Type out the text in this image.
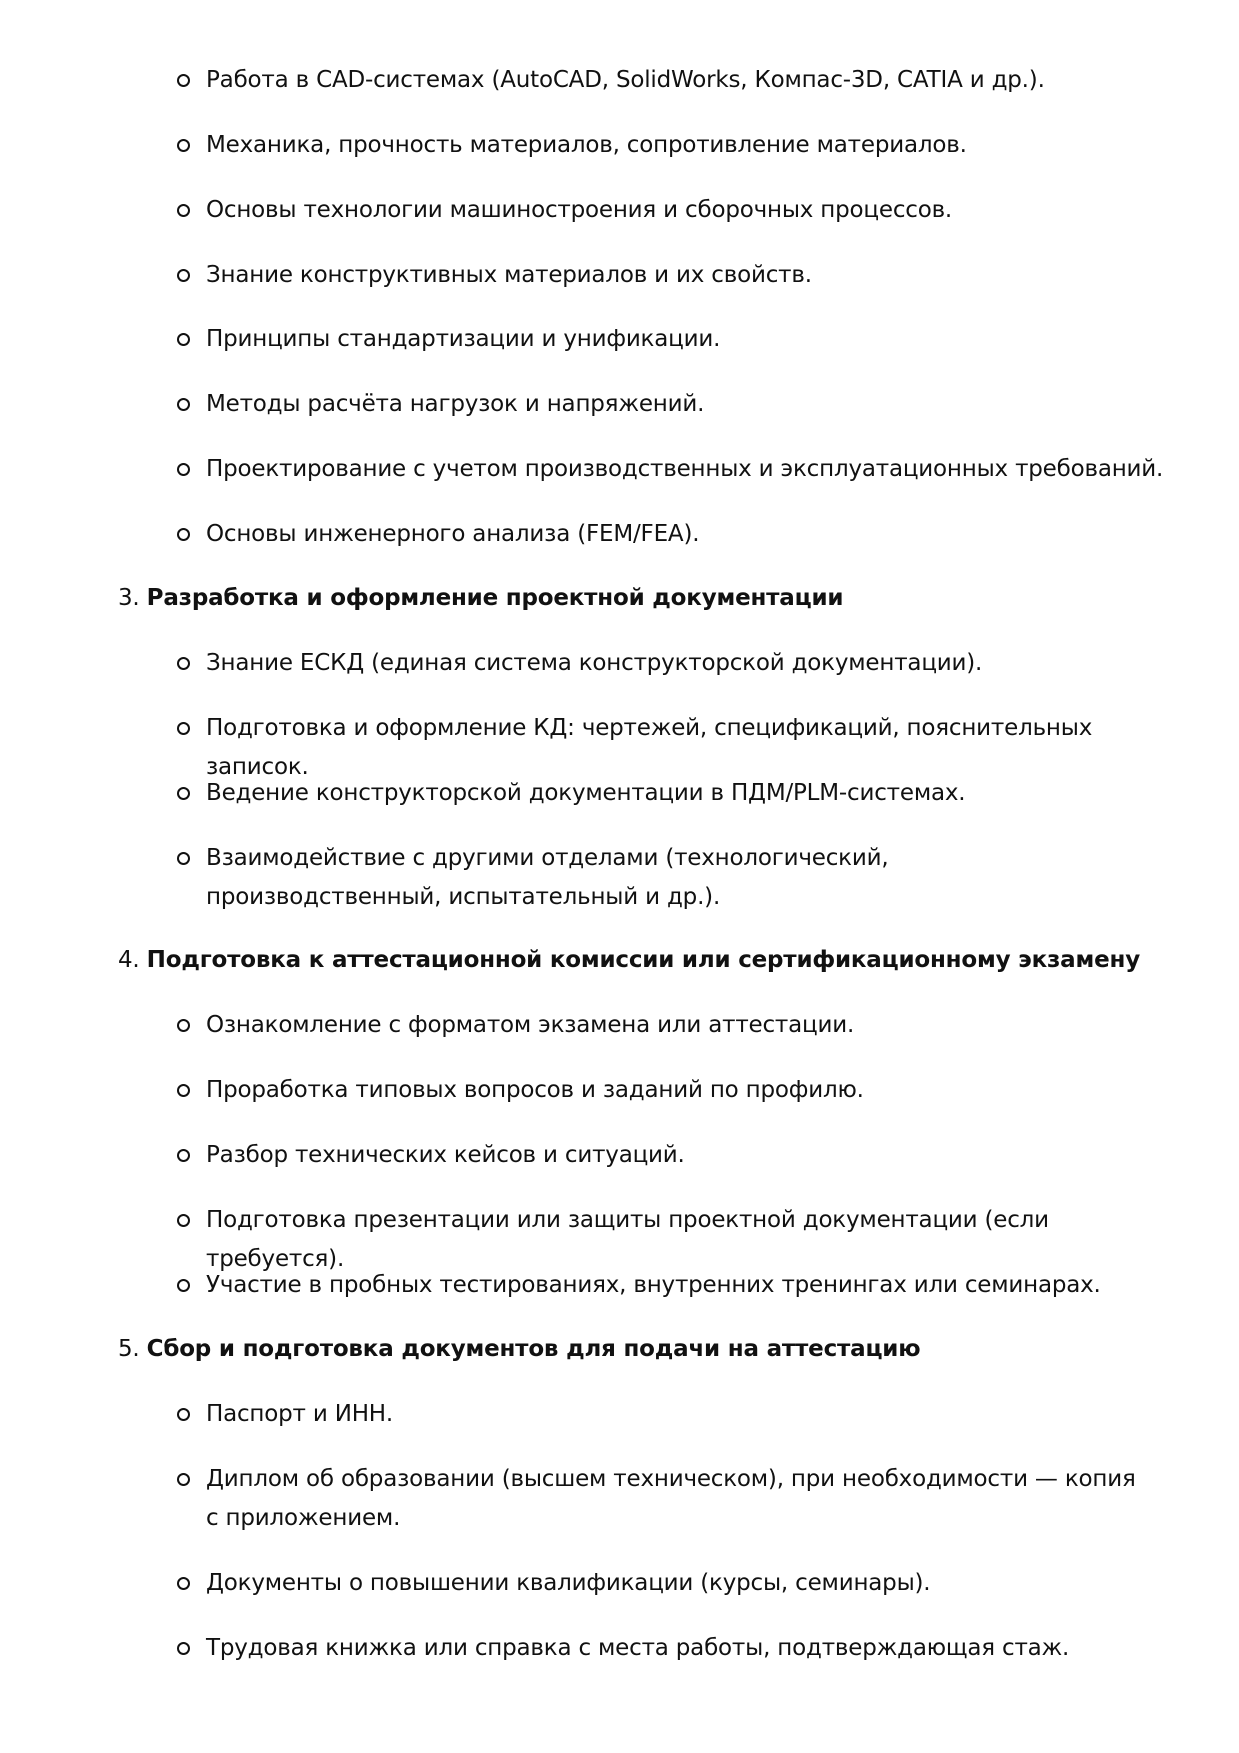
Работа в CAD-системах (AutoCAD, SolidWorks, Компас-3D, CATIA и др.).
Механика, прочность материалов, сопротивление материалов.
Основы технологии машиностроения и сборочных процессов.
Знание конструктивных материалов и их свойств.
Принципы стандартизации и унификации.
Методы расчёта нагрузок и напряжений.
Проектирование с учетом производственных и эксплуатационных требований.
Основы инженерного анализа (FEM/FEA).
3. Разработка и оформление проектной документации
Знание ЕСКД (единая система конструкторской документации).
Подготовка и оформление КД: чертежей, спецификаций, пояснительных записок.
Ведение конструкторской документации в ПДМ/PLM-системах.
Взаимодействие с другими отделами (технологический, производственный, испытательный и др.).
4. Подготовка к аттестационной комиссии или сертификационному экзамену
Ознакомление с форматом экзамена или аттестации.
Проработка типовых вопросов и заданий по профилю.
Разбор технических кейсов и ситуаций.
Подготовка презентации или защиты проектной документации (если требуется).
Участие в пробных тестированиях, внутренних тренингах или семинарах.
5. Сбор и подготовка документов для подачи на аттестацию
Паспорт и ИНН.
Диплом об образовании (высшем техническом), при необходимости — копия с приложением.
Документы о повышении квалификации (курсы, семинары).
Трудовая книжка или справка с места работы, подтверждающая стаж.
